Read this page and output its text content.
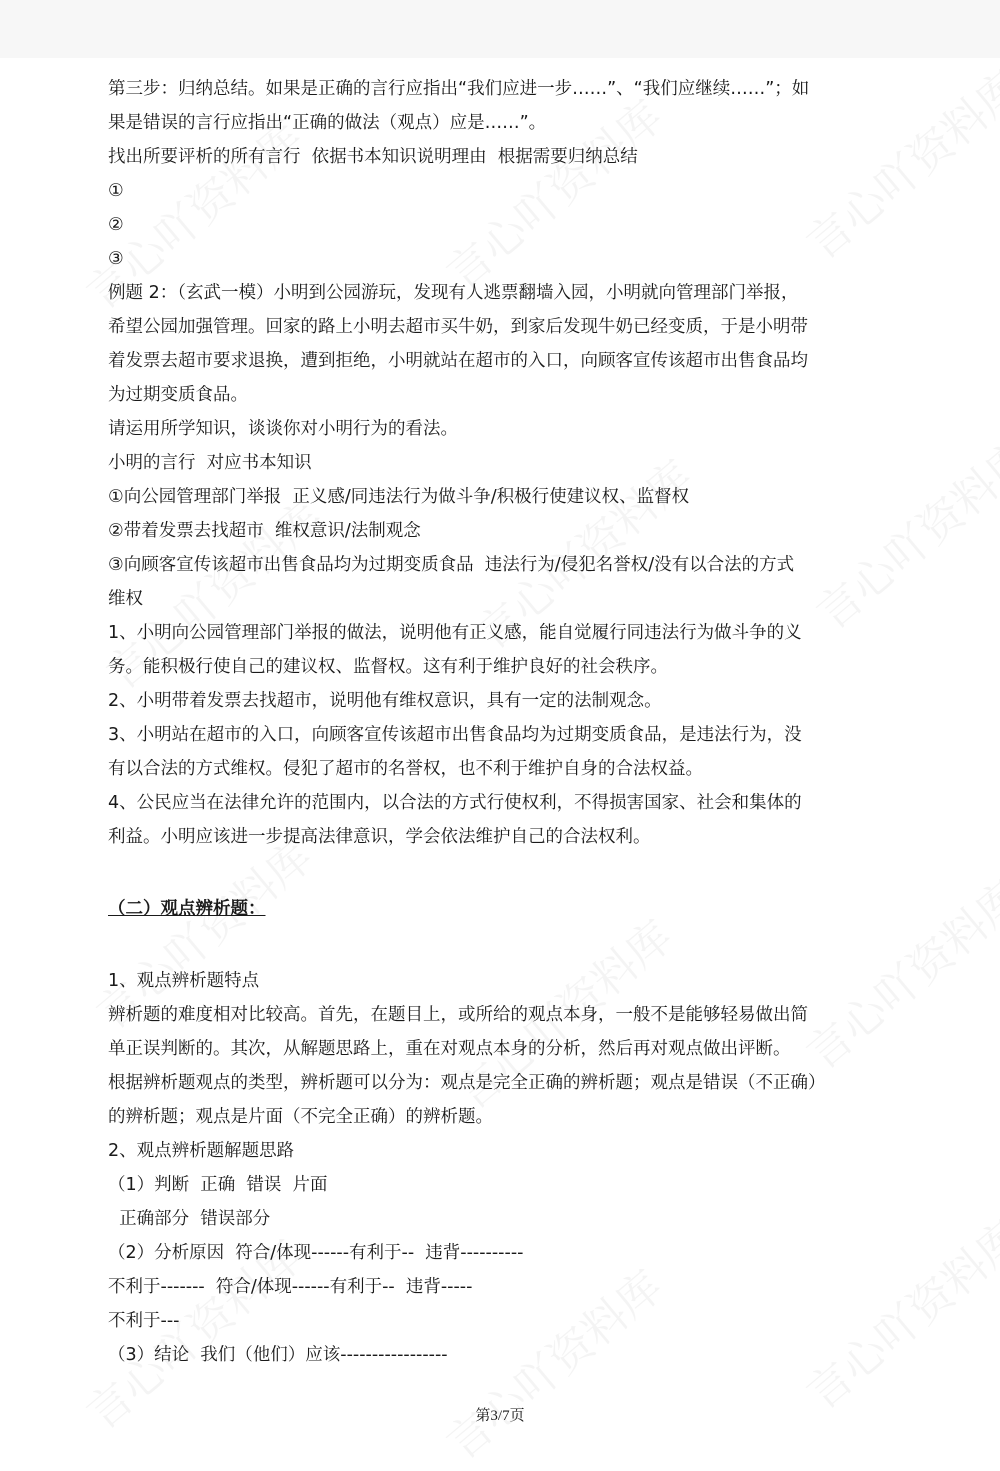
第三步：归纳总结。如果是正确的言行应指出“我们应进一步……”、“我们应继续……”；如
果是错误的言行应指出“正确的做法（观点）应是……”。
找出所要评析的所有言行  依据书本知识说明理由  根据需要归纳总结
①
②
③
例题 2：（玄武一模）小明到公园游玩，发现有人逃票翻墙入园，小明就向管理部门举报，
希望公园加强管理。回家的路上小明去超市买牛奶，到家后发现牛奶已经变质，于是小明带
着发票去超市要求退换，遭到拒绝，小明就站在超市的入口，向顾客宣传该超市出售食品均
为过期变质食品。
请运用所学知识，谈谈你对小明行为的看法。
小明的言行  对应书本知识
①向公园管理部门举报  正义感/同违法行为做斗争/积极行使建议权、监督权
②带着发票去找超市  维权意识/法制观念
③向顾客宣传该超市出售食品均为过期变质食品  违法行为/侵犯名誉权/没有以合法的方式
维权
1、小明向公园管理部门举报的做法，说明他有正义感，能自觉履行同违法行为做斗争的义
务。能积极行使自己的建议权、监督权。这有利于维护良好的社会秩序。
2、小明带着发票去找超市，说明他有维权意识，具有一定的法制观念。
3、小明站在超市的入口，向顾客宣传该超市出售食品均为过期变质食品，是违法行为，没
有以合法的方式维权。侵犯了超市的名誉权，也不利于维护自身的合法权益。
4、公民应当在法律允许的范围内，以合法的方式行使权利，不得损害国家、社会和集体的
利益。小明应该进一步提高法律意识，学会依法维护自己的合法权利。
（二）观点辨析题：
1、观点辨析题特点
辨析题的难度相对比较高。首先，在题目上，或所给的观点本身，一般不是能够轻易做出简
单正误判断的。其次，从解题思路上，重在对观点本身的分析，然后再对观点做出评断。
根据辨析题观点的类型，辨析题可以分为：观点是完全正确的辨析题；观点是错误（不正确）
的辨析题；观点是片面（不完全正确）的辨析题。
2、观点辨析题解题思路
（1）判断  正确  错误  片面
正确部分  错误部分
（2）分析原因  符合/体现------有利于--  违背----------
不利于-------  符合/体现------有利于--  违背-----
不利于---
（3）结论  我们（他们）应该-----------------
第3/7页
